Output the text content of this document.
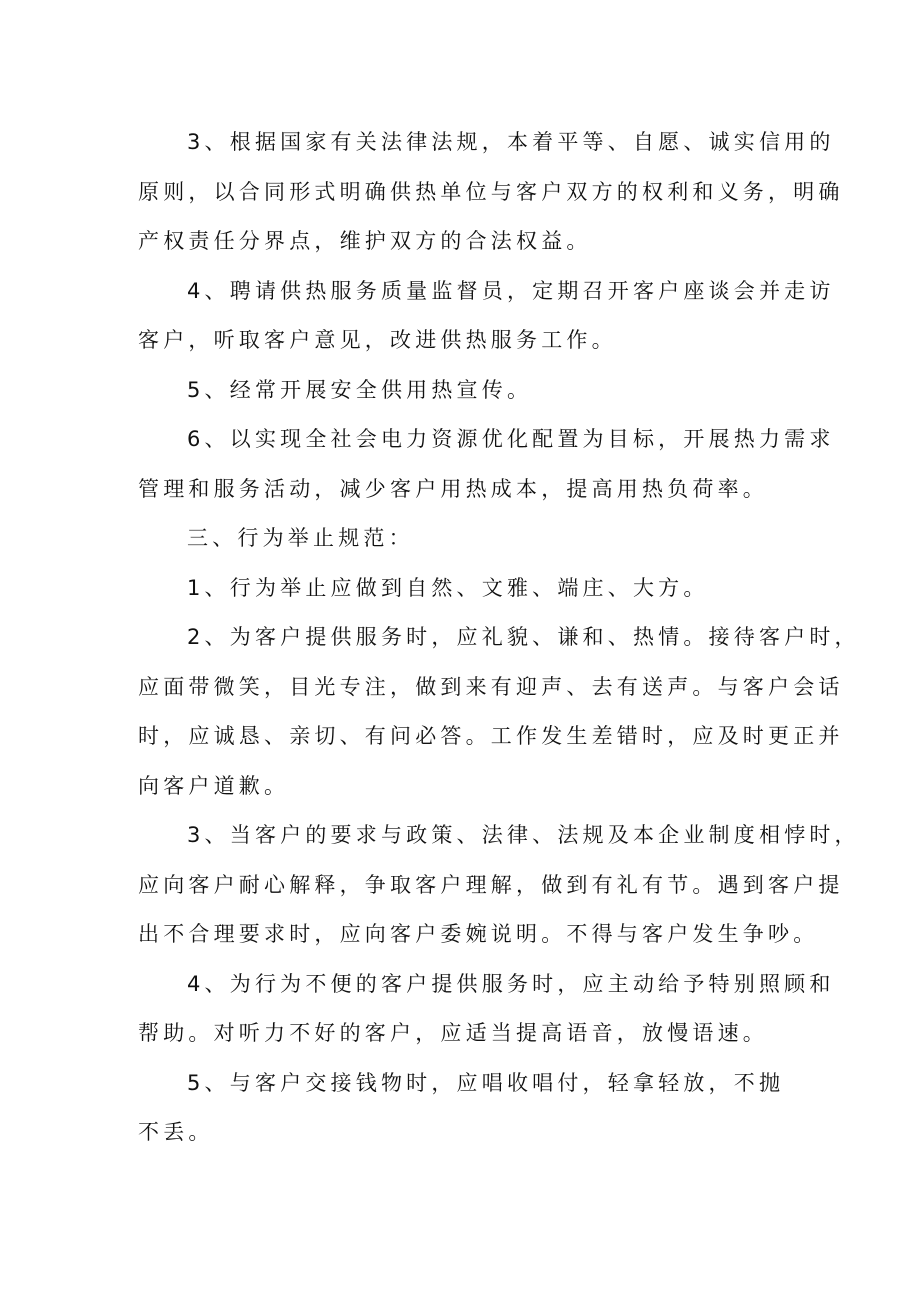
3、根据国家有关法律法规，本着平等、自愿、诚实信用的

原则，以合同形式明确供热单位与客户双方的权利和义务，明确

产权责任分界点，维护双方的合法权益。

4、聘请供热服务质量监督员，定期召开客户座谈会并走访

客户，听取客户意见，改进供热服务工作。

5、经常开展安全供用热宣传。

6、以实现全社会电力资源优化配置为目标，开展热力需求

管理和服务活动，减少客户用热成本，提高用热负荷率。

三、行为举止规范：

1、行为举止应做到自然、文雅、端庄、大方。

2、为客户提供服务时，应礼貌、谦和、热情。接待客户时，

应面带微笑，目光专注，做到来有迎声、去有送声。与客户会话

时，应诚恳、亲切、有问必答。工作发生差错时，应及时更正并

向客户道歉。

3、当客户的要求与政策、法律、法规及本企业制度相悖时，

应向客户耐心解释，争取客户理解，做到有礼有节。遇到客户提

出不合理要求时，应向客户委婉说明。不得与客户发生争吵。

4、为行为不便的客户提供服务时，应主动给予特别照顾和

帮助。对听力不好的客户，应适当提高语音，放慢语速。

5、与客户交接钱物时，应唱收唱付，轻拿轻放，不抛

不丢。
